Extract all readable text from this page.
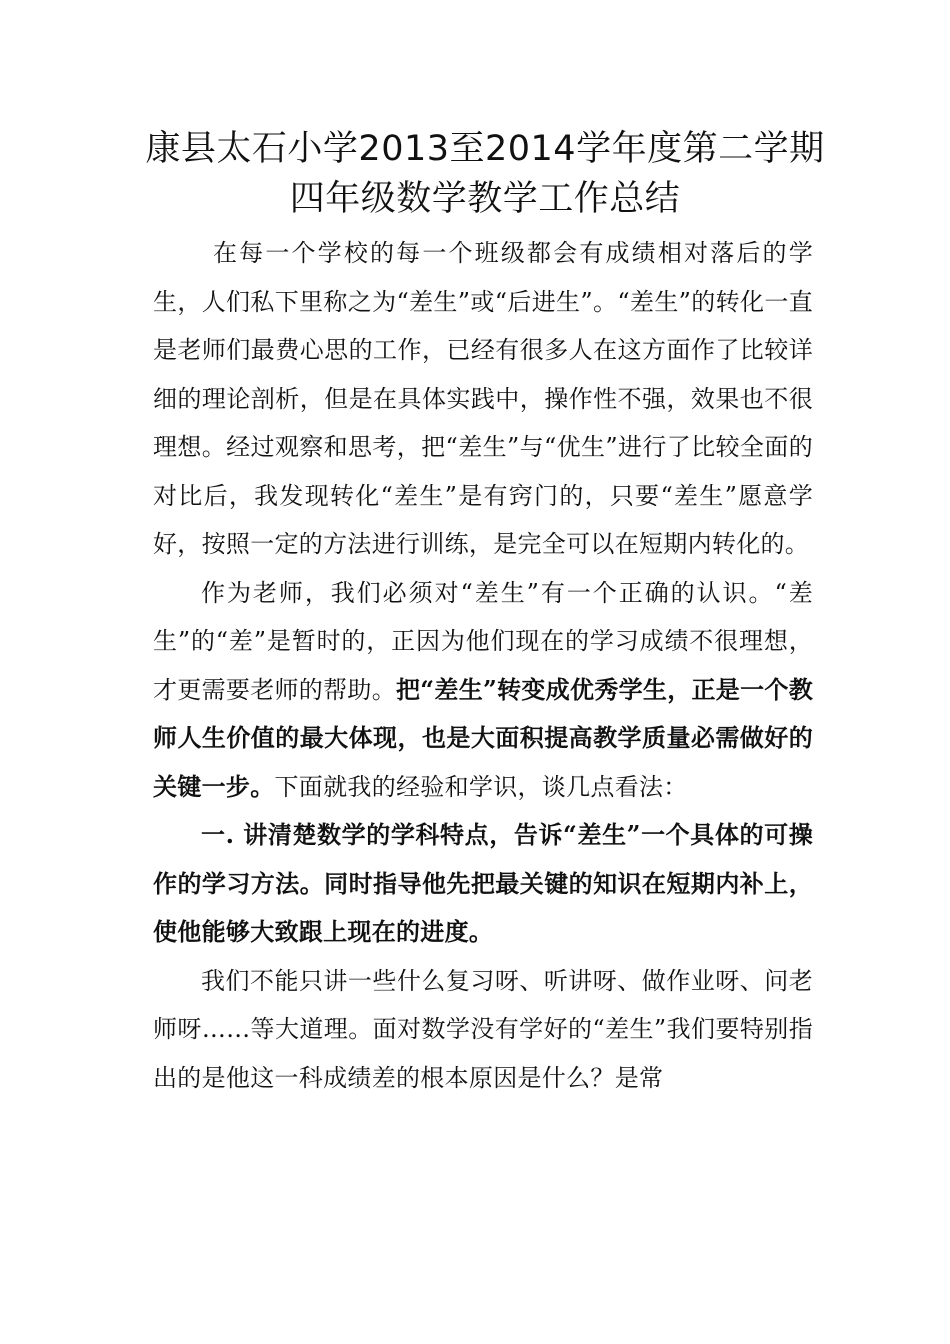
康县太石小学2013至2014学年度第二学期
四年级数学教学工作总结

在每一个学校的每一个班级都会有成绩相对落后的学生，人们私下里称之为“差生”或“后进生”。“差生”的转化一直是老师们最费心思的工作，已经有很多人在这方面作了比较详细的理论剖析，但是在具体实践中，操作性不强，效果也不很理想。经过观察和思考，把“差生”与“优生”进行了比较全面的对比后，我发现转化“差生”是有窍门的，只要“差生”愿意学好，按照一定的方法进行训练，是完全可以在短期内转化的。

作为老师，我们必须对“差生”有一个正确的认识。“差生”的“差”是暂时的，正因为他们现在的学习成绩不很理想，才更需要老师的帮助。把“差生”转变成优秀学生，正是一个教师人生价值的最大体现，也是大面积提高教学质量必需做好的关键一步。下面就我的经验和学识，谈几点看法：

一. 讲清楚数学的学科特点，告诉“差生”一个具体的可操作的学习方法。同时指导他先把最关键的知识在短期内补上，使他能够大致跟上现在的进度。

我们不能只讲一些什么复习呀、听讲呀、做作业呀、问老师呀……等大道理。面对数学没有学好的“差生”我们要特别指出的是他这一科成绩差的根本原因是什么？是常
